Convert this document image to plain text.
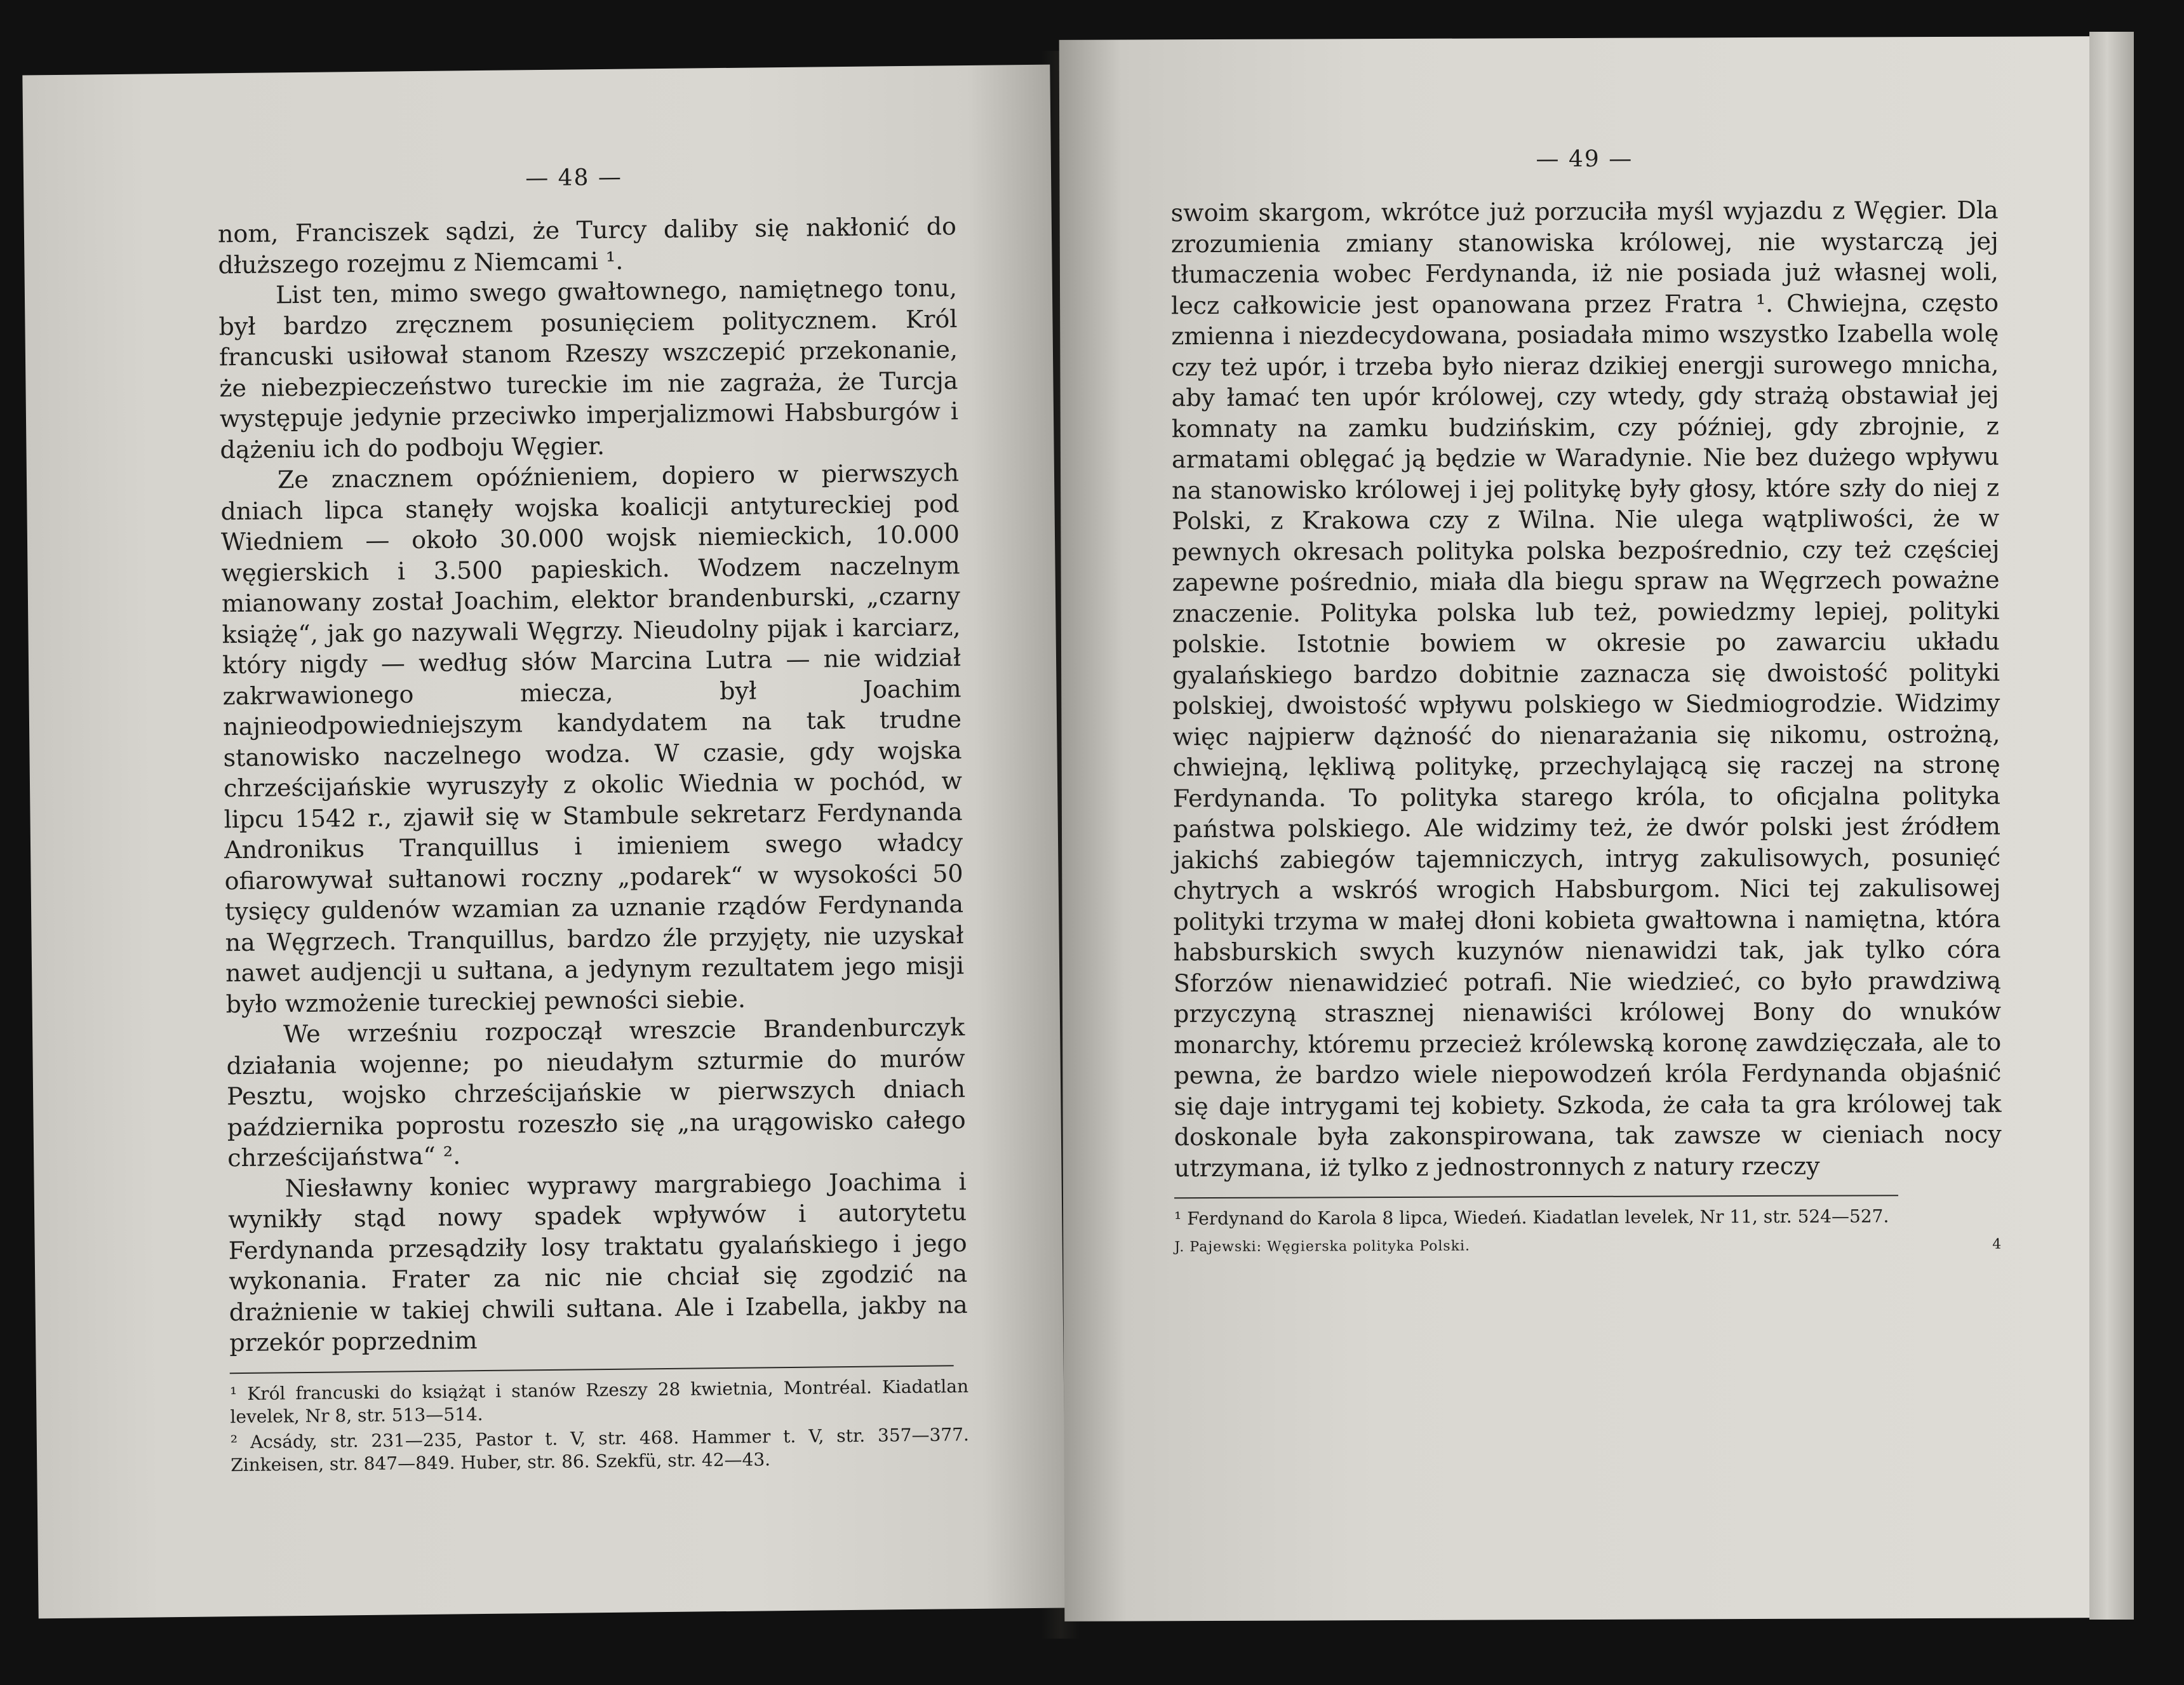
— 48 —

nom, Franciszek sądzi, że Turcy daliby się nakłonić do dłuższego rozejmu z Niemcami ¹.

List ten, mimo swego gwałtownego, namiętnego tonu, był bardzo zręcznem posunięciem politycznem. Król francuski usiłował stanom Rzeszy wszczepić przekonanie, że niebezpieczeństwo tureckie im nie zagraża, że Turcja występuje jedynie przeciwko imperjalizmowi Habsburgów i dążeniu ich do podboju Węgier.

Ze znacznem opóźnieniem, dopiero w pierwszych dniach lipca stanęły wojska koalicji antytureckiej pod Wiedniem — około 30.000 wojsk niemieckich, 10.000 węgierskich i 3.500 papieskich. Wodzem naczelnym mianowany został Joachim, elektor brandenburski, „czarny książę“, jak go nazywali Węgrzy. Nieudolny pijak i karciarz, który nigdy — według słów Marcina Lutra — nie widział zakrwawionego miecza, był Joachim najnieodpowiedniejszym kandydatem na tak trudne stanowisko naczelnego wodza. W czasie, gdy wojska chrześcijańskie wyruszyły z okolic Wiednia w pochód, w lipcu 1542 r., zjawił się w Stambule sekretarz Ferdynanda Andronikus Tranquillus i imieniem swego władcy ofiarowywał sułtanowi roczny „podarek“ w wysokości 50 tysięcy guldenów wzamian za uznanie rządów Ferdynanda na Węgrzech. Tranquillus, bardzo źle przyjęty, nie uzyskał nawet audjencji u sułtana, a jedynym rezultatem jego misji było wzmożenie tureckiej pewności siebie.

We wrześniu rozpoczął wreszcie Brandenburczyk działania wojenne; po nieudałym szturmie do murów Pesztu, wojsko chrześcijańskie w pierwszych dniach października poprostu rozeszło się „na urągowisko całego chrześcijaństwa“ ².

Niesławny koniec wyprawy margrabiego Joachima i wynikły stąd nowy spadek wpływów i autorytetu Ferdynanda przesądziły losy traktatu gyalańskiego i jego wykonania. Frater za nic nie chciał się zgodzić na drażnienie w takiej chwili sułtana. Ale i Izabella, jakby na przekór poprzednim

¹ Król francuski do książąt i stanów Rzeszy 28 kwietnia, Montréal. Kiadatlan levelek, Nr 8, str. 513—514.

² Acsády, str. 231—235, Pastor t. V, str. 468. Hammer t. V, str. 357—377. Zinkeisen, str. 847—849. Huber, str. 86. Szekfü, str. 42—43.

— 49 —

swoim skargom, wkrótce już porzuciła myśl wyjazdu z Węgier. Dla zrozumienia zmiany stanowiska królowej, nie wystarczą jej tłumaczenia wobec Ferdynanda, iż nie posiada już własnej woli, lecz całkowicie jest opanowana przez Fratra ¹. Chwiejna, często zmienna i niezdecydowana, posiadała mimo wszystko Izabella wolę czy też upór, i trzeba było nieraz dzikiej energji surowego mnicha, aby łamać ten upór królowej, czy wtedy, gdy strażą obstawiał jej komnaty na zamku budzińskim, czy później, gdy zbrojnie, z armatami oblęgać ją będzie w Waradynie. Nie bez dużego wpływu na stanowisko królowej i jej politykę były głosy, które szły do niej z Polski, z Krakowa czy z Wilna. Nie ulega wątpliwości, że w pewnych okresach polityka polska bezpośrednio, czy też częściej zapewne pośrednio, miała dla biegu spraw na Węgrzech poważne znaczenie. Polityka polska lub też, powiedzmy lepiej, polityki polskie. Istotnie bowiem w okresie po zawarciu układu gyalańskiego bardzo dobitnie zaznacza się dwoistość polityki polskiej, dwoistość wpływu polskiego w Siedmiogrodzie. Widzimy więc najpierw dążność do nienarażania się nikomu, ostrożną, chwiejną, lękliwą politykę, przechylającą się raczej na stronę Ferdynanda. To polityka starego króla, to oficjalna polityka państwa polskiego. Ale widzimy też, że dwór polski jest źródłem jakichś zabiegów tajemniczych, intryg zakulisowych, posunięć chytrych a wskróś wrogich Habsburgom. Nici tej zakulisowej polityki trzyma w małej dłoni kobieta gwałtowna i namiętna, która habsburskich swych kuzynów nienawidzi tak, jak tylko córa Sforzów nienawidzieć potrafi. Nie wiedzieć, co było prawdziwą przyczyną strasznej nienawiści królowej Bony do wnuków monarchy, któremu przecież królewską koronę zawdzięczała, ale to pewna, że bardzo wiele niepowodzeń króla Ferdynanda objaśnić się daje intrygami tej kobiety. Szkoda, że cała ta gra królowej tak doskonale była zakonspirowana, tak zawsze w cieniach nocy utrzymana, iż tylko z jednostronnych z natury rzeczy

¹ Ferdynand do Karola 8 lipca, Wiedeń. Kiadatlan levelek, Nr 11, str. 524—527.

J. Pajewski: Węgierska polityka Polski.	4
